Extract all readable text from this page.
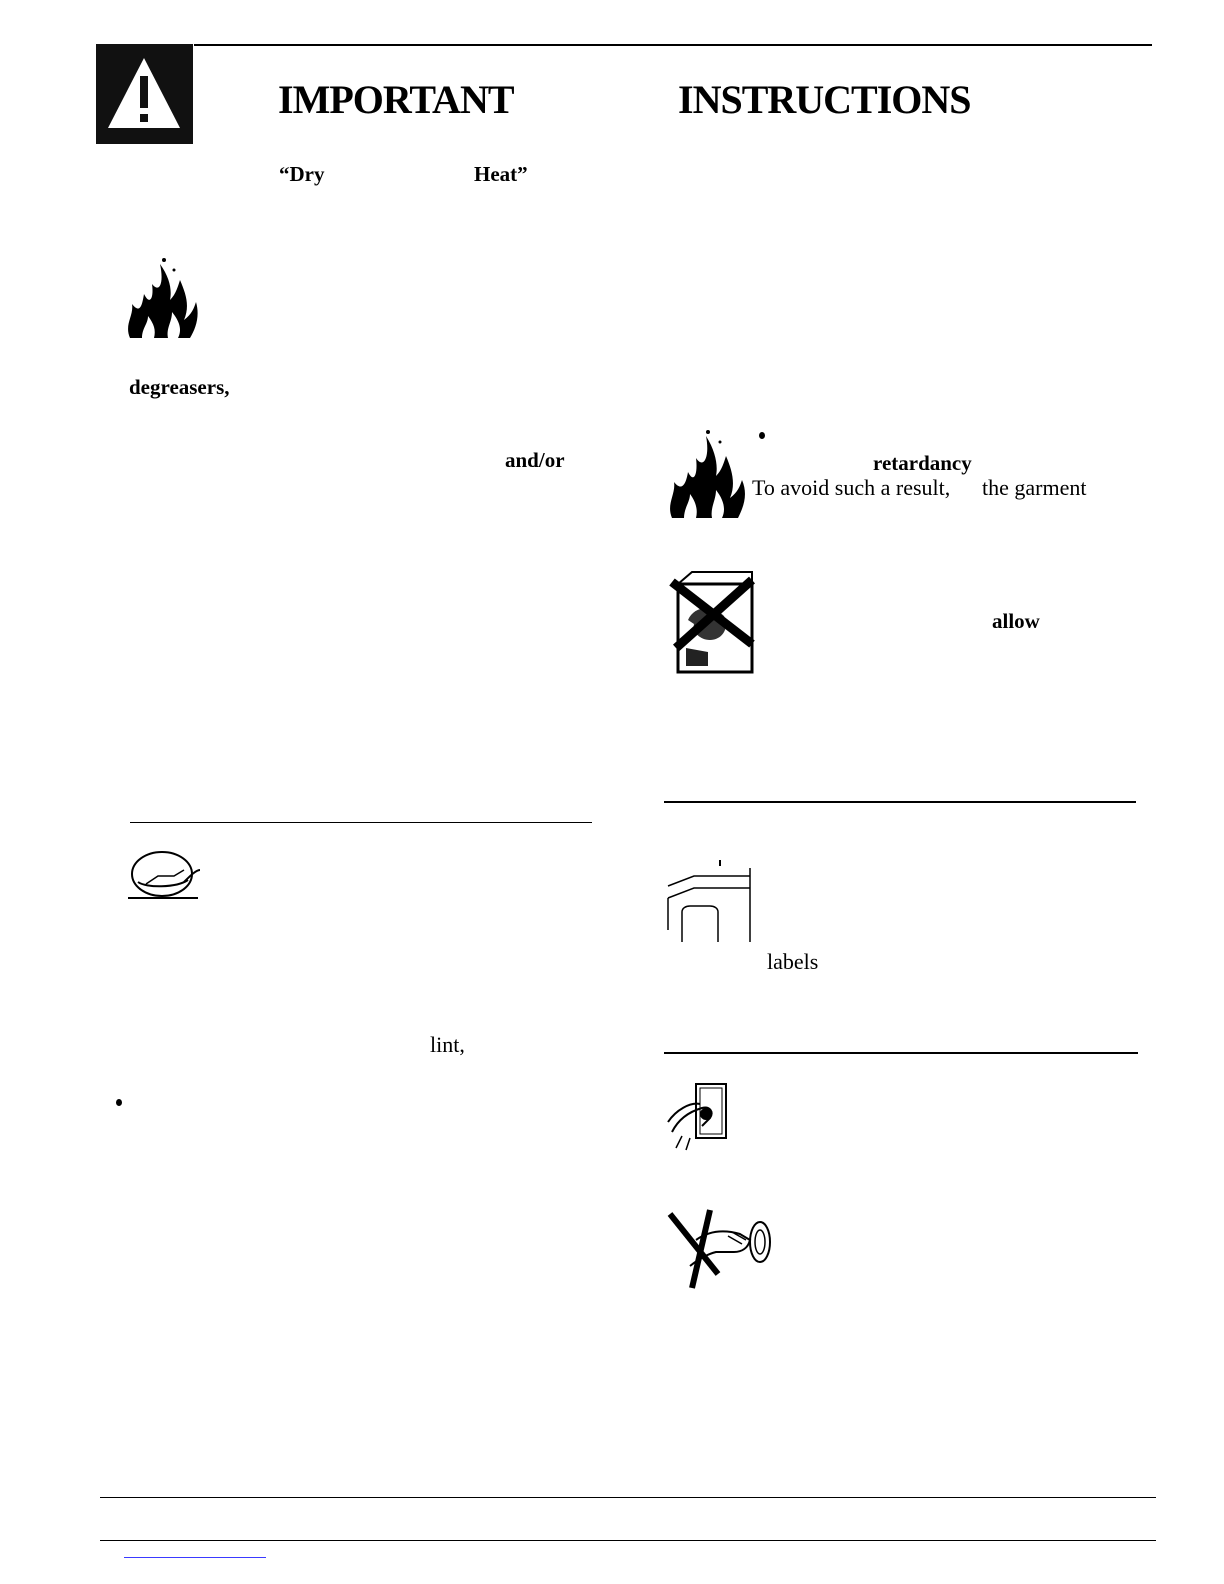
IMPORTANT	INSTRUCTIONS
“Dry	Heat”
degreasers,
and/or	retardancy
To avoid such a result, the garment
allow
labels
lint,
